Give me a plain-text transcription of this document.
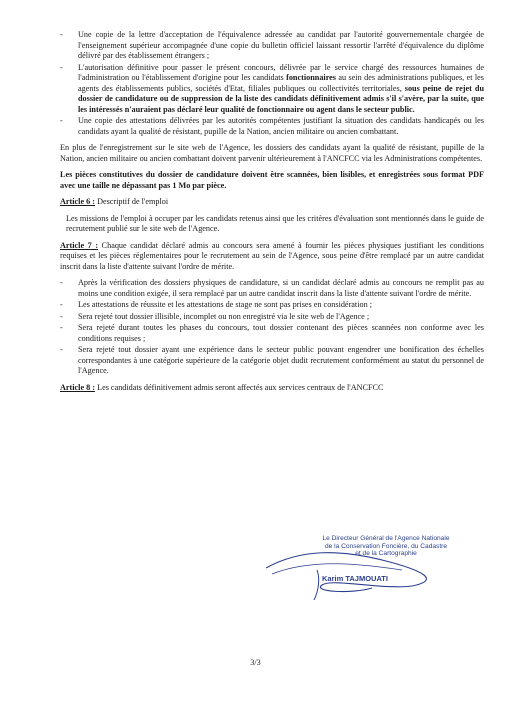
- Une copie de la lettre d'acceptation de l'équivalence adressée au candidat par l'autorité gouvernementale chargée de l'enseignement supérieur accompagnée d'une copie du bulletin officiel laissant ressortir l'arrêté d'équivalence du diplôme délivré par des établissement étrangers ;
- L'autorisation définitive pour passer le présent concours, délivrée par le service chargé des ressources humaines de l'administration ou l'établissement d'origine pour les candidats fonctionnaires au sein des administrations publiques, et les agents des établissements publics, sociétés d'Etat, filiales publiques ou collectivités territoriales, sous peine de rejet du dossier de candidature ou de suppression de la liste des candidats définitivement admis s'il s'avère, par la suite, que les intéressés n'auraient pas déclaré leur qualité de fonctionnaire ou agent dans le secteur public.
- Une copie des attestations délivrées par les autorités compétentes justifiant la situation des candidats handicapés ou les candidats ayant la qualité de résistant, pupille de la Nation, ancien militaire ou ancien combattant.

En plus de l'enregistrement sur le site web de l'Agence, les dossiers des candidats ayant la qualité de résistant, pupille de la Nation, ancien militaire ou ancien combattant doivent parvenir ultérieurement à l'ANCFCC via les Administrations compétentes.

Les pièces constitutives du dossier de candidature doivent être scannées, bien lisibles, et enregistrées sous format PDF avec une taille ne dépassant pas 1 Mo par pièce.

Article 6 : Descriptif de l'emploi

Les missions de l'emploi à occuper par les candidats retenus ainsi que les critères d'évaluation sont mentionnés dans le guide de recrutement publié sur le site web de l'Agence.

Article 7 : Chaque candidat déclaré admis au concours sera amené à fournir les pièces physiques justifiant les conditions requises et les pièces réglementaires pour le recrutement au sein de l'Agence, sous peine d'être remplacé par un autre candidat inscrit dans la liste d'attente suivant l'ordre de mérite.

- Après la vérification des dossiers physiques de candidature, si un candidat déclaré admis au concours ne remplit pas au moins une condition exigée, il sera remplacé par un autre candidat inscrit dans la liste d'attente suivant l'ordre de mérite.
- Les attestations de réussite et les attestations de stage ne sont pas prises en considération ;
- Sera rejeté tout dossier illisible, incomplet ou non enregistré via le site web de l'Agence ;
- Sera rejeté durant toutes les phases du concours, tout dossier contenant des pièces scannées non conforme avec les conditions requises ;
- Sera rejeté tout dossier ayant une expérience dans le secteur public pouvant engendrer une bonification des échelles correspondantes à une catégorie supérieure de la catégorie objet dudit recrutement conformément au statut du personnel de l'Agence.

Article 8 : Les candidats définitivement admis seront affectés aux services centraux de l'ANCFCC

Le Directeur Général de l'Agence Nationale
de la Conservation Foncière, du Cadastre
et de la Cartographie
Karim TAJMOUATI
3/3
